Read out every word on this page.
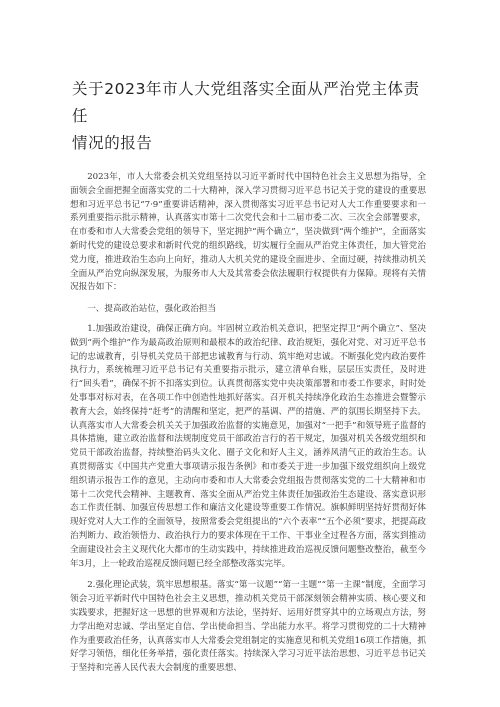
关于2023年市人大党组落实全面从严治党主体责任
情况的报告

2023年，市人大常委会机关党组坚持以习近平新时代中国特色社会主义思想为指导，全面领会全面把握全面落实党的二十大精神，深入学习贯彻习近平总书记关于党的建设的重要思想和习近平总书记“7·9”重要讲话精神，深入贯彻落实习近平总书记对人大工作重要要求和一系列重要指示批示精神，认真落实市第十二次党代会和十二届市委二次、三次全会部署要求，在市委和市人大常委会党组的领导下，坚定拥护“两个确立”，坚决做到“两个维护”，全面落实新时代党的建设总要求和新时代党的组织路线，切实履行全面从严治党主体责任，加大管党治党力度，推进政治生态向上向好，推动人大机关党的建设全面进步、全面过硬，持续推动机关全面从严治党向纵深发展，为服务市人大及其常委会依法履职行权提供有力保障。现将有关情况报告如下：

一、提高政治站位，强化政治担当

1.加强政治建设，确保正确方向。牢固树立政治机关意识，把坚定捍卫“两个确立”、坚决做到“两个维护”作为最高政治原则和最根本的政治纪律、政治规矩，强化对党、对习近平总书记的忠诚教育，引导机关党员干部把忠诚教育与行动、筑牢绝对忠诚。不断强化党内政治要件执行力，系统梳理习近平总书记有关重要指示批示，建立清单台账，层层压实责任，及时进行“回头看”，确保不折不扣落实到位。认真贯彻落实党中央决策部署和市委工作要求，时时处处事事对标对表，在各项工作中创造性地抓好落实。召开机关持续净化政治生态推进会暨警示教育大会，始终保持“赶考”的清醒和坚定，把严的基调、严的措施、严的氛围长期坚持下去。认真落实市人大常委会机关关于加强政治监督的实施意见，加强对“一把手”和领导班子监督的具体措施，建立政治监督和法规制度党员干部政治言行的若干规定，加强对机关各级党组织和党员干部政治监督，持续整治码头文化、圈子文化和好人主义，涵养风清气正的政治生态。认真贯彻落实《中国共产党重大事项请示报告条例》和市委关于进一步加强下级党组织向上级党组织请示报告工作的意见，主动向市委和市人大常委会党组报告贯彻落实党的二十大精神和市第十二次党代会精神、主题教育、落实全面从严治党主体责任加强政治生态建设、落实意识形态工作责任制、加强宣传思想工作和廉洁文化建设等重要工作情况。旗帜鲜明坚持好贯彻好体现好党对人大工作的全面领导，按照常委会党组提出的“六个表率”“五个必须”要求，把提高政治判断力、政治领悟力、政治执行力的要求体现在干工作、干事业全过程各方面，落实到推动全面建设社会主义现代化大都市的生动实践中，持续推进政治巡视反馈问题整改整治，截至今年3月，上一轮政治巡视反馈问题已经全部整改落实完毕。

2.强化理论武装，筑牢思想根基。落实“第一议题”“第一主题”“第一主课”制度，全面学习领会习近平新时代中国特色社会主义思想，推动机关党员干部深刻领会精神实质、核心要义和实践要求，把握好这一思想的世界观和方法论，坚持好、运用好贯穿其中的立场观点方法，努力学出绝对忠诚、学出坚定自信、学出使命担当、学出能力水平。将学习贯彻党的二十大精神作为重要政治任务，认真落实市人大常委会党组制定的实施意见和机关党组16项工作措施，抓好学习领悟，细化任务举措，强化责任落实。持续深入学习习近平法治思想、习近平总书记关于坚持和完善人民代表大会制度的重要思想、
